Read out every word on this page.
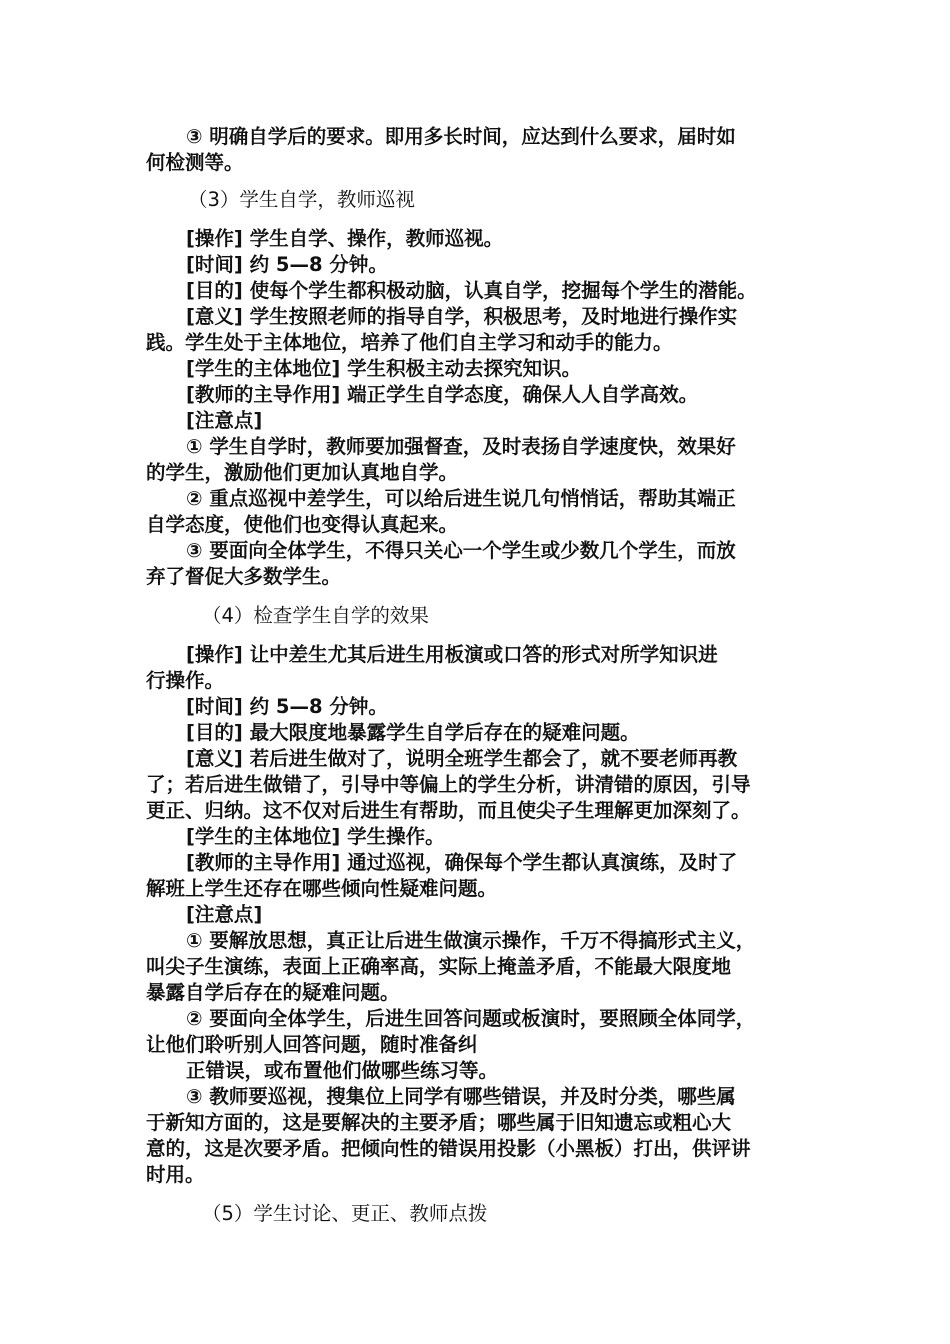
③ 明确自学后的要求。即用多长时间，应达到什么要求，届时如
何检测等。
（3）学生自学，教师巡视
[操作] 学生自学、操作，教师巡视。
[时间] 约 5—8 分钟。
[目的] 使每个学生都积极动脑，认真自学，挖掘每个学生的潜能。
[意义] 学生按照老师的指导自学，积极思考，及时地进行操作实
践。学生处于主体地位，培养了他们自主学习和动手的能力。
[学生的主体地位] 学生积极主动去探究知识。
[教师的主导作用] 端正学生自学态度，确保人人自学高效。
[注意点]
① 学生自学时，教师要加强督查，及时表扬自学速度快，效果好
的学生，激励他们更加认真地自学。
② 重点巡视中差学生，可以给后进生说几句悄悄话，帮助其端正
自学态度，使他们也变得认真起来。
③ 要面向全体学生，不得只关心一个学生或少数几个学生，而放
弃了督促大多数学生。
（4）检查学生自学的效果
[操作] 让中差生尤其后进生用板演或口答的形式对所学知识进
行操作。
[时间] 约 5—8 分钟。
[目的] 最大限度地暴露学生自学后存在的疑难问题。
[意义] 若后进生做对了，说明全班学生都会了，就不要老师再教
了；若后进生做错了，引导中等偏上的学生分析，讲清错的原因，引导
更正、归纳。这不仅对后进生有帮助，而且使尖子生理解更加深刻了。
[学生的主体地位] 学生操作。
[教师的主导作用] 通过巡视，确保每个学生都认真演练，及时了
解班上学生还存在哪些倾向性疑难问题。
[注意点]
① 要解放思想，真正让后进生做演示操作，千万不得搞形式主义，
叫尖子生演练，表面上正确率高，实际上掩盖矛盾，不能最大限度地
暴露自学后存在的疑难问题。
② 要面向全体学生，后进生回答问题或板演时，要照顾全体同学，
让他们聆听别人回答问题，随时准备纠
正错误，或布置他们做哪些练习等。
③ 教师要巡视，搜集位上同学有哪些错误，并及时分类，哪些属
于新知方面的，这是要解决的主要矛盾；哪些属于旧知遗忘或粗心大
意的，这是次要矛盾。把倾向性的错误用投影（小黑板）打出，供评讲
时用。
（5）学生讨论、更正、教师点拨
